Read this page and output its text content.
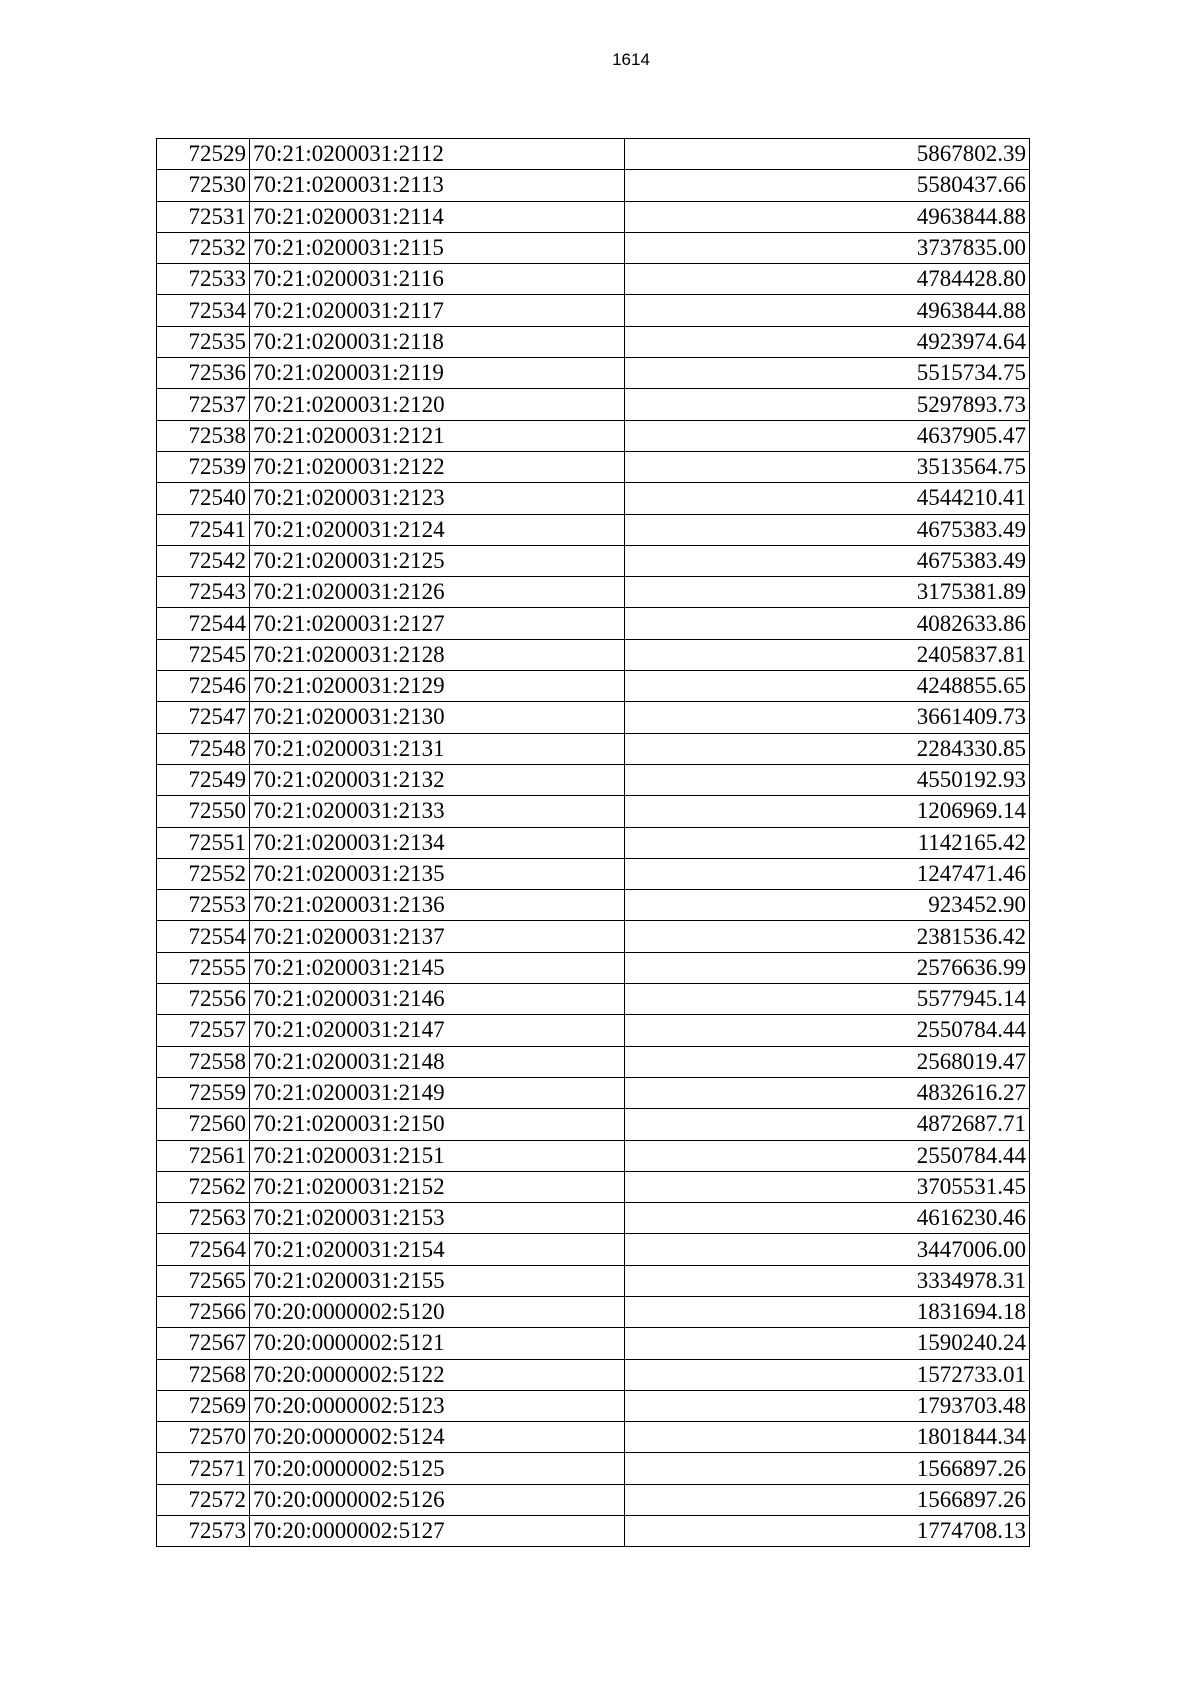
1614
72529	70:21:0200031:2112	5867802.39
72530	70:21:0200031:2113	5580437.66
72531	70:21:0200031:2114	4963844.88
72532	70:21:0200031:2115	3737835.00
72533	70:21:0200031:2116	4784428.80
72534	70:21:0200031:2117	4963844.88
72535	70:21:0200031:2118	4923974.64
72536	70:21:0200031:2119	5515734.75
72537	70:21:0200031:2120	5297893.73
72538	70:21:0200031:2121	4637905.47
72539	70:21:0200031:2122	3513564.75
72540	70:21:0200031:2123	4544210.41
72541	70:21:0200031:2124	4675383.49
72542	70:21:0200031:2125	4675383.49
72543	70:21:0200031:2126	3175381.89
72544	70:21:0200031:2127	4082633.86
72545	70:21:0200031:2128	2405837.81
72546	70:21:0200031:2129	4248855.65
72547	70:21:0200031:2130	3661409.73
72548	70:21:0200031:2131	2284330.85
72549	70:21:0200031:2132	4550192.93
72550	70:21:0200031:2133	1206969.14
72551	70:21:0200031:2134	1142165.42
72552	70:21:0200031:2135	1247471.46
72553	70:21:0200031:2136	923452.90
72554	70:21:0200031:2137	2381536.42
72555	70:21:0200031:2145	2576636.99
72556	70:21:0200031:2146	5577945.14
72557	70:21:0200031:2147	2550784.44
72558	70:21:0200031:2148	2568019.47
72559	70:21:0200031:2149	4832616.27
72560	70:21:0200031:2150	4872687.71
72561	70:21:0200031:2151	2550784.44
72562	70:21:0200031:2152	3705531.45
72563	70:21:0200031:2153	4616230.46
72564	70:21:0200031:2154	3447006.00
72565	70:21:0200031:2155	3334978.31
72566	70:20:0000002:5120	1831694.18
72567	70:20:0000002:5121	1590240.24
72568	70:20:0000002:5122	1572733.01
72569	70:20:0000002:5123	1793703.48
72570	70:20:0000002:5124	1801844.34
72571	70:20:0000002:5125	1566897.26
72572	70:20:0000002:5126	1566897.26
72573	70:20:0000002:5127	1774708.13
